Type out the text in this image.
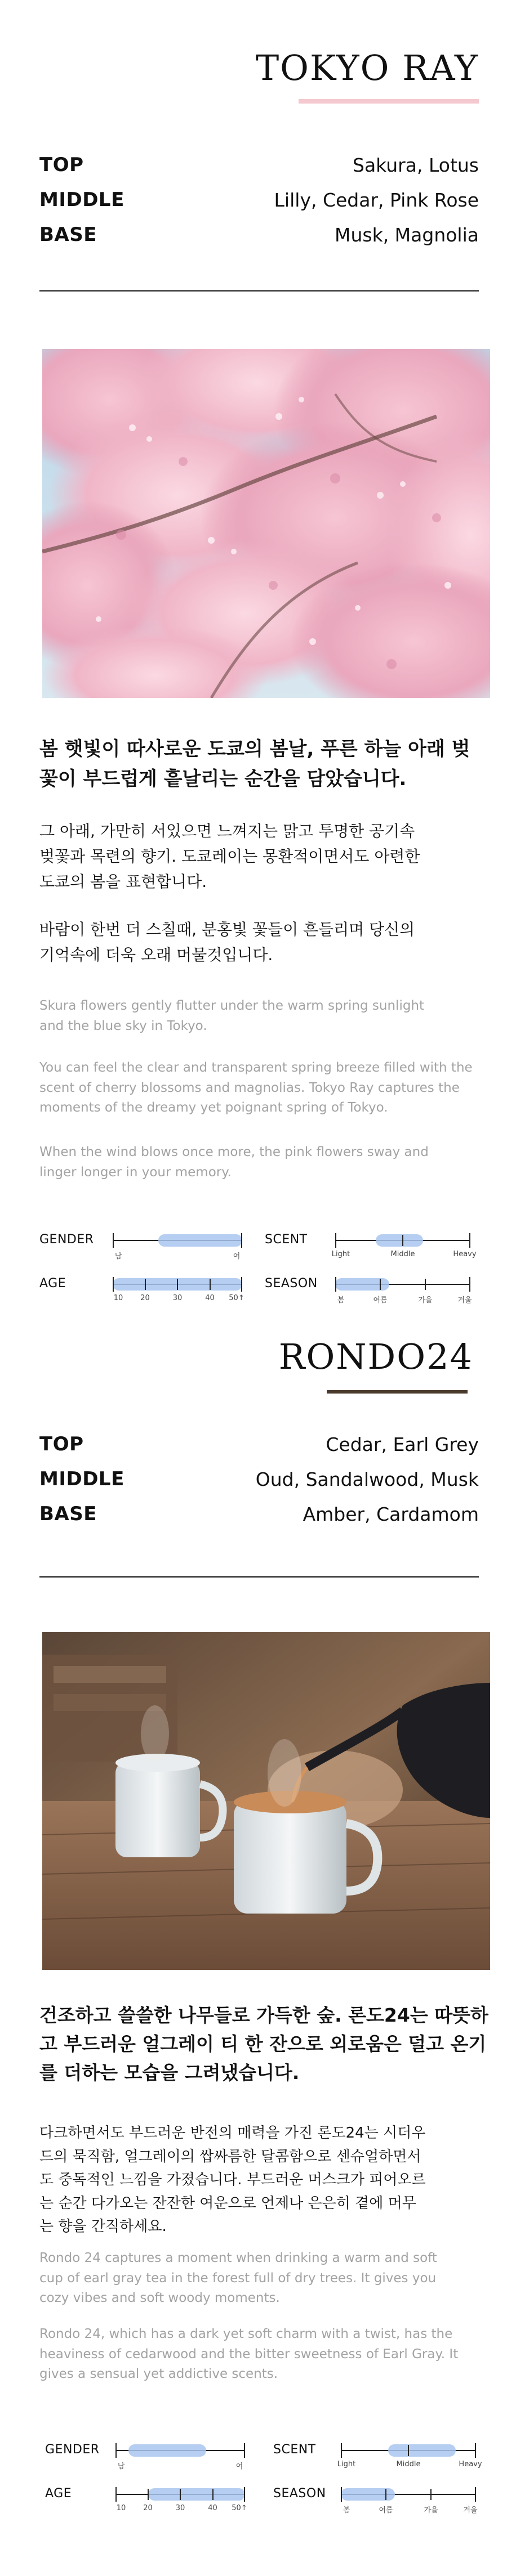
TOKYO RAY
TOP	Sakura, Lotus
MIDDLE	Lilly, Cedar, Pink Rose
BASE	Musk, Magnolia
봄 햇빛이 따사로운 도쿄의 봄날, 푸른 하늘 아래 벚꽃이 부드럽게 흩날리는 순간을 담았습니다.
그 아래, 가만히 서있으면 느껴지는 맑고 투명한 공기속 벚꽃과 목련의 향기. 도쿄레이는 몽환적이면서도 아련한 도쿄의 봄을 표현합니다.
바람이 한번 더 스칠때, 분홍빛 꽃들이 흔들리며 당신의 기억속에 더욱 오래 머물것입니다.
Skura flowers gently flutter under the warm spring sunlight and the blue sky in Tokyo.
You can feel the clear and transparent spring breeze filled with the scent of cherry blossoms and magnolias. Tokyo Ray captures the moments of the dreamy yet poignant spring of Tokyo.
When the wind blows once more, the pink flowers sway and linger longer in your memory.
GENDER
남	여
SCENT
Light	Middle	Heavy
AGE
10 20	30	40 50↑
SEASON
봄	여름	가을	겨울
RONDO24
TOP	Cedar, Earl Grey
MIDDLE	Oud, Sandalwood, Musk
BASE	Amber, Cardamom
건조하고 쓸쓸한 나무들로 가득한 숲. 론도24는 따뜻하고 부드러운 얼그레이 티 한 잔으로 외로움은 덜고 온기를 더하는 모습을 그려냈습니다.
다크하면서도 부드러운 반전의 매력을 가진 론도24는 시더우드의 묵직함, 얼그레이의 쌉싸름한 달콤함으로 센슈얼하면서도 중독적인 느낌을 가졌습니다. 부드러운 머스크가 피어오르는 순간 다가오는 잔잔한 여운으로 언제나 은은히 곁에 머무는 향을 간직하세요.
Rondo 24 captures a moment when drinking a warm and soft cup of earl gray tea in the forest full of dry trees. It gives you cozy vibes and soft woody moments.
Rondo 24, which has a dark yet soft charm with a twist, has the heaviness of cedarwood and the bitter sweetness of Earl Gray. It gives a sensual yet addictive scents.
GENDER
남	여
SCENT
Light	Middle	Heavy
AGE
10 20	30	40 50↑
SEASON
봄	여름	가을	겨울
